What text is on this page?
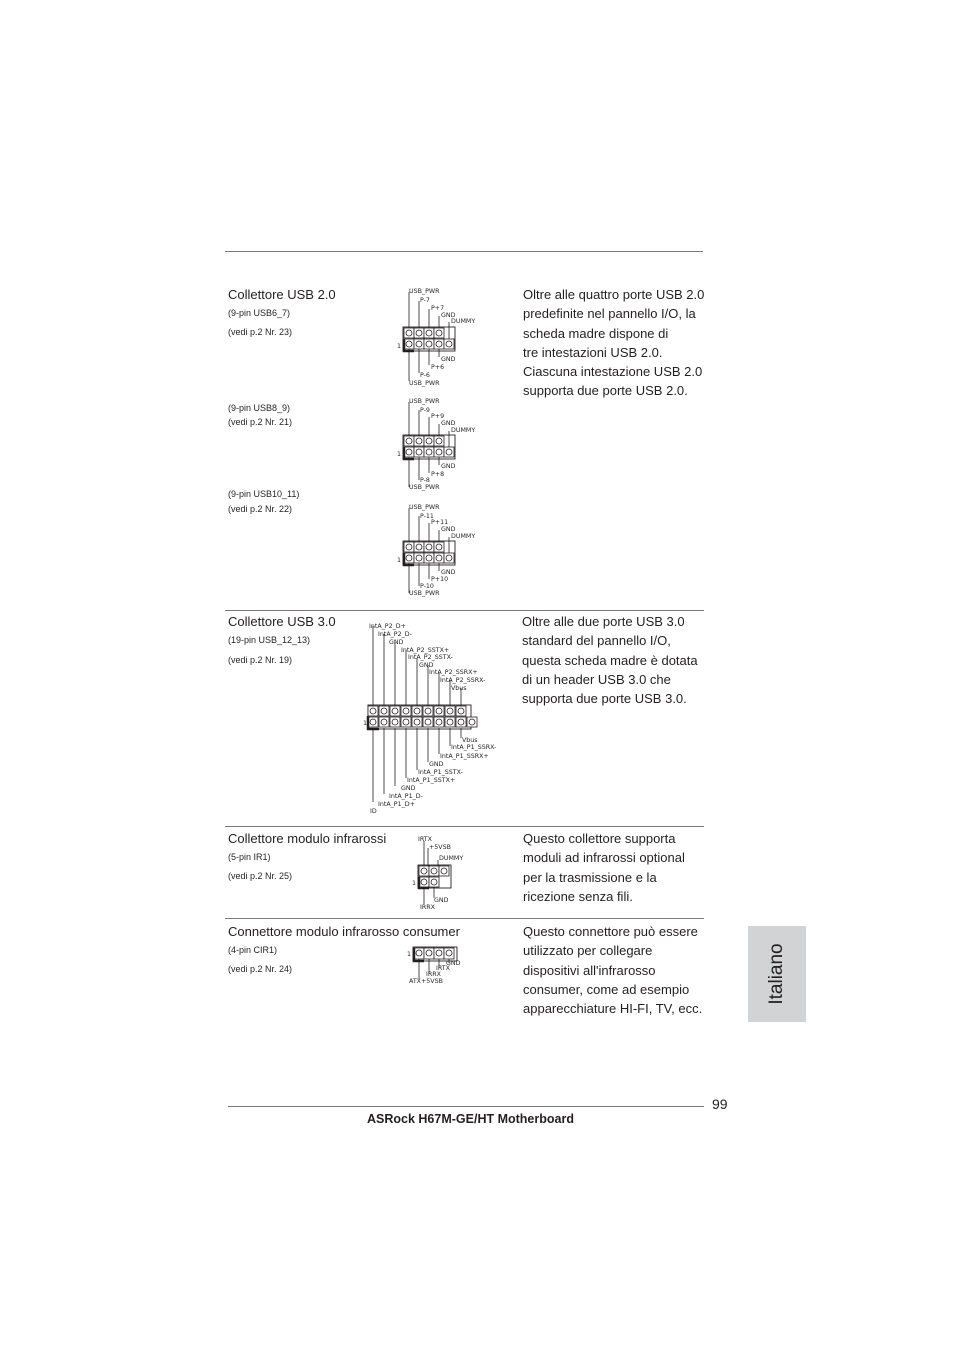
Collettore USB 2.0
(9-pin USB6_7)
(vedi p.2 Nr. 23)
(9-pin USB8_9)
(vedi p.2 Nr. 21)
(9-pin USB10_11)
(vedi p.2 Nr. 22)
Oltre alle quattro porte USB 2.0
predefinite nel pannello I/O, la
scheda madre dispone di
tre intestazioni USB 2.0.
Ciascuna intestazione USB 2.0
supporta due porte USB 2.0.
USB_PWR
P-7
P+7
GND
DUMMY
GND
P+6
P-6
USB_PWR
1
USB_PWR
P-9
P+9
GND
DUMMY
GND
P+8
P-8
USB_PWR
1
USB_PWR
P-11
P+11
GND
DUMMY
GND
P+10
P-10
USB_PWR
1
Collettore USB 3.0
(19-pin USB_12_13)
(vedi p.2 Nr. 19)
Oltre alle due porte USB 3.0
standard del pannello I/O,
questa scheda madre è dotata
di un header USB 3.0 che
supporta due porte USB 3.0.
IntA_P2_D+
IntA_P2_D-
GND
IntA_P2_SSTX+
IntA_P2_SSTX-
GND
IntA_P2_SSRX+
IntA_P2_SSRX-
Vbus
Vbus
IntA_P1_SSRX-
IntA_P1_SSRX+
GND
IntA_P1_SSTX-
IntA_P1_SSTX+
GND
IntA_P1_D-
IntA_P1_D+
ID
1
Collettore modulo infrarossi
(5-pin IR1)
(vedi p.2 Nr. 25)
Questo collettore supporta
moduli ad infrarossi optional
per la trasmissione e la
ricezione senza fili.
IRTX
+5VSB
DUMMY
GND
IRRX
1
Connettore modulo infrarosso consumer
(4-pin CIR1)
(vedi p.2 Nr. 24)
Questo connettore può essere
utilizzato per collegare
dispositivi all'infrarosso
consumer, come ad esempio
apparecchiature HI-FI, TV, ecc.
GND
IRTX
IRRX
ATX+5VSB
1	Italiano
99
ASRock H67M-GE/HT Motherboard
